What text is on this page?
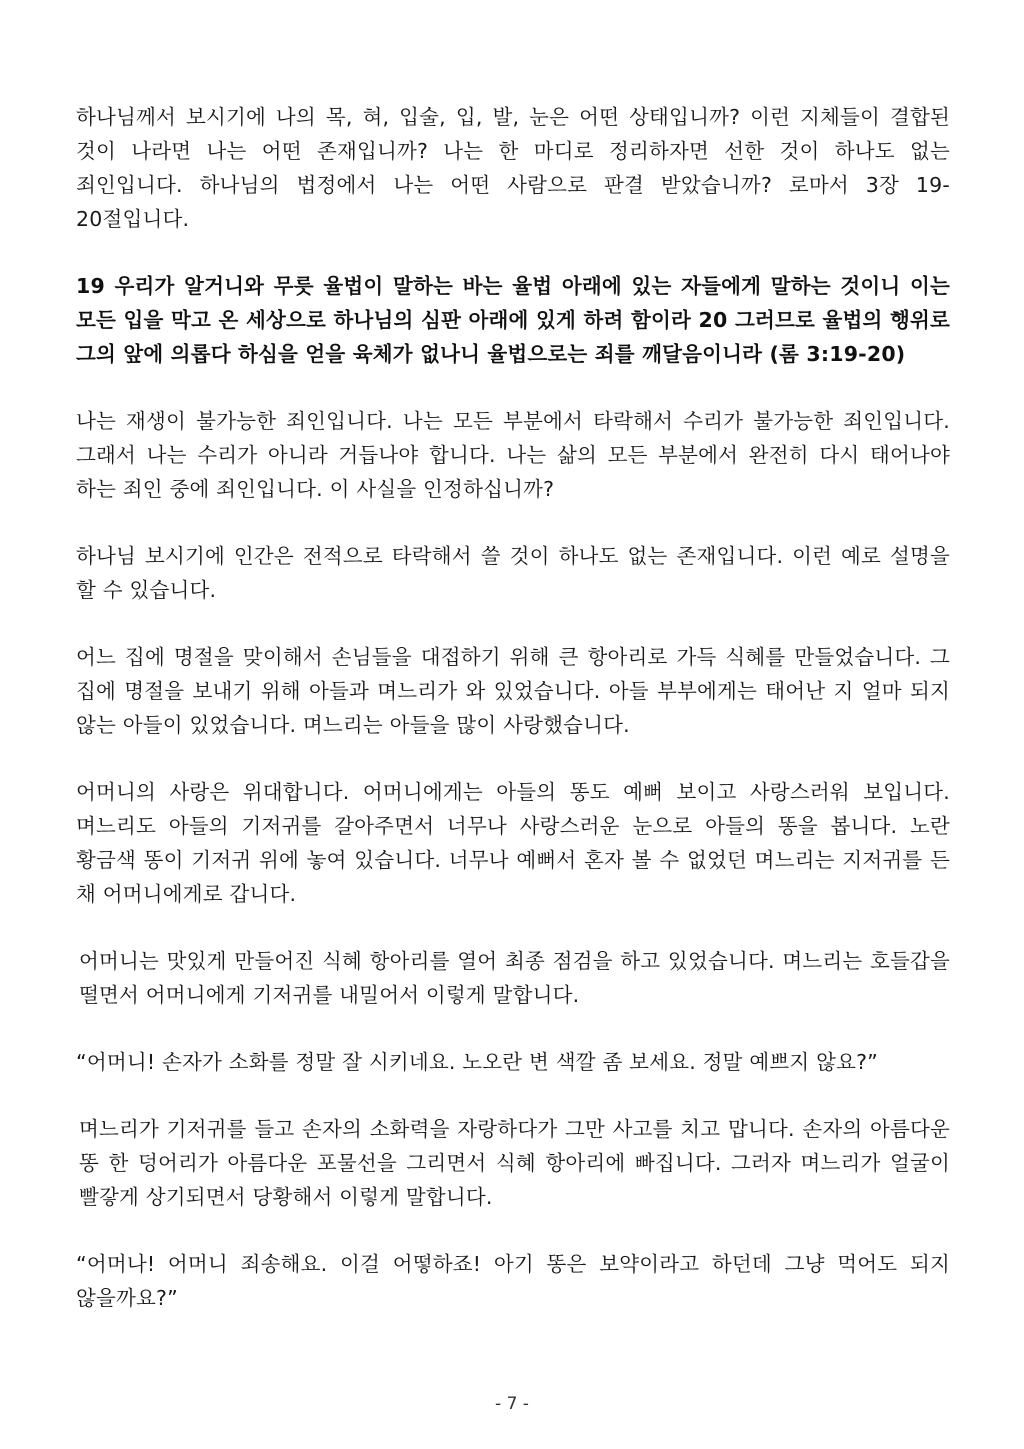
하나님께서 보시기에 나의 목, 혀, 입술, 입, 발, 눈은 어떤 상태입니까? 이런 지체들이 결합된 것이 나라면 나는 어떤 존재입니까? 나는 한 마디로 정리하자면 선한 것이 하나도 없는 죄인입니다. 하나님의 법정에서 나는 어떤 사람으로 판결 받았습니까? 로마서 3장 19-20절입니다.

19 우리가 알거니와 무릇 율법이 말하는 바는 율법 아래에 있는 자들에게 말하는 것이니 이는 모든 입을 막고 온 세상으로 하나님의 심판 아래에 있게 하려 함이라 20 그러므로 율법의 행위로 그의 앞에 의롭다 하심을 얻을 육체가 없나니 율법으로는 죄를 깨달음이니라 (롬 3:19-20)

나는 재생이 불가능한 죄인입니다. 나는 모든 부분에서 타락해서 수리가 불가능한 죄인입니다. 그래서 나는 수리가 아니라 거듭나야 합니다. 나는 삶의 모든 부분에서 완전히 다시 태어나야 하는 죄인 중에 죄인입니다. 이 사실을 인정하십니까?

하나님 보시기에 인간은 전적으로 타락해서 쓸 것이 하나도 없는 존재입니다. 이런 예로 설명을 할 수 있습니다.

어느 집에 명절을 맞이해서 손님들을 대접하기 위해 큰 항아리로 가득 식혜를 만들었습니다. 그 집에 명절을 보내기 위해 아들과 며느리가 와 있었습니다. 아들 부부에게는 태어난 지 얼마 되지 않는 아들이 있었습니다. 며느리는 아들을 많이 사랑했습니다.

어머니의 사랑은 위대합니다. 어머니에게는 아들의 똥도 예뻐 보이고 사랑스러워 보입니다. 며느리도 아들의 기저귀를 갈아주면서 너무나 사랑스러운 눈으로 아들의 똥을 봅니다. 노란 황금색 똥이 기저귀 위에 놓여 있습니다. 너무나 예뻐서 혼자 볼 수 없었던 며느리는 지저귀를 든 채 어머니에게로 갑니다.

어머니는 맛있게 만들어진 식혜 항아리를 열어 최종 점검을 하고 있었습니다. 며느리는 호들갑을 떨면서 어머니에게 기저귀를 내밀어서 이렇게 말합니다.

“어머니! 손자가 소화를 정말 잘 시키네요. 노오란 변 색깔 좀 보세요. 정말 예쁘지 않요?”

며느리가 기저귀를 들고 손자의 소화력을 자랑하다가 그만 사고를 치고 맙니다. 손자의 아름다운 똥 한 덩어리가 아름다운 포물선을 그리면서 식혜 항아리에 빠집니다. 그러자 며느리가 얼굴이 빨갛게 상기되면서 당황해서 이렇게 말합니다.

“어머나! 어머니 죄송해요. 이걸 어떻하죠! 아기 똥은 보약이라고 하던데 그냥 먹어도 되지 않을까요?”

- 7 -
